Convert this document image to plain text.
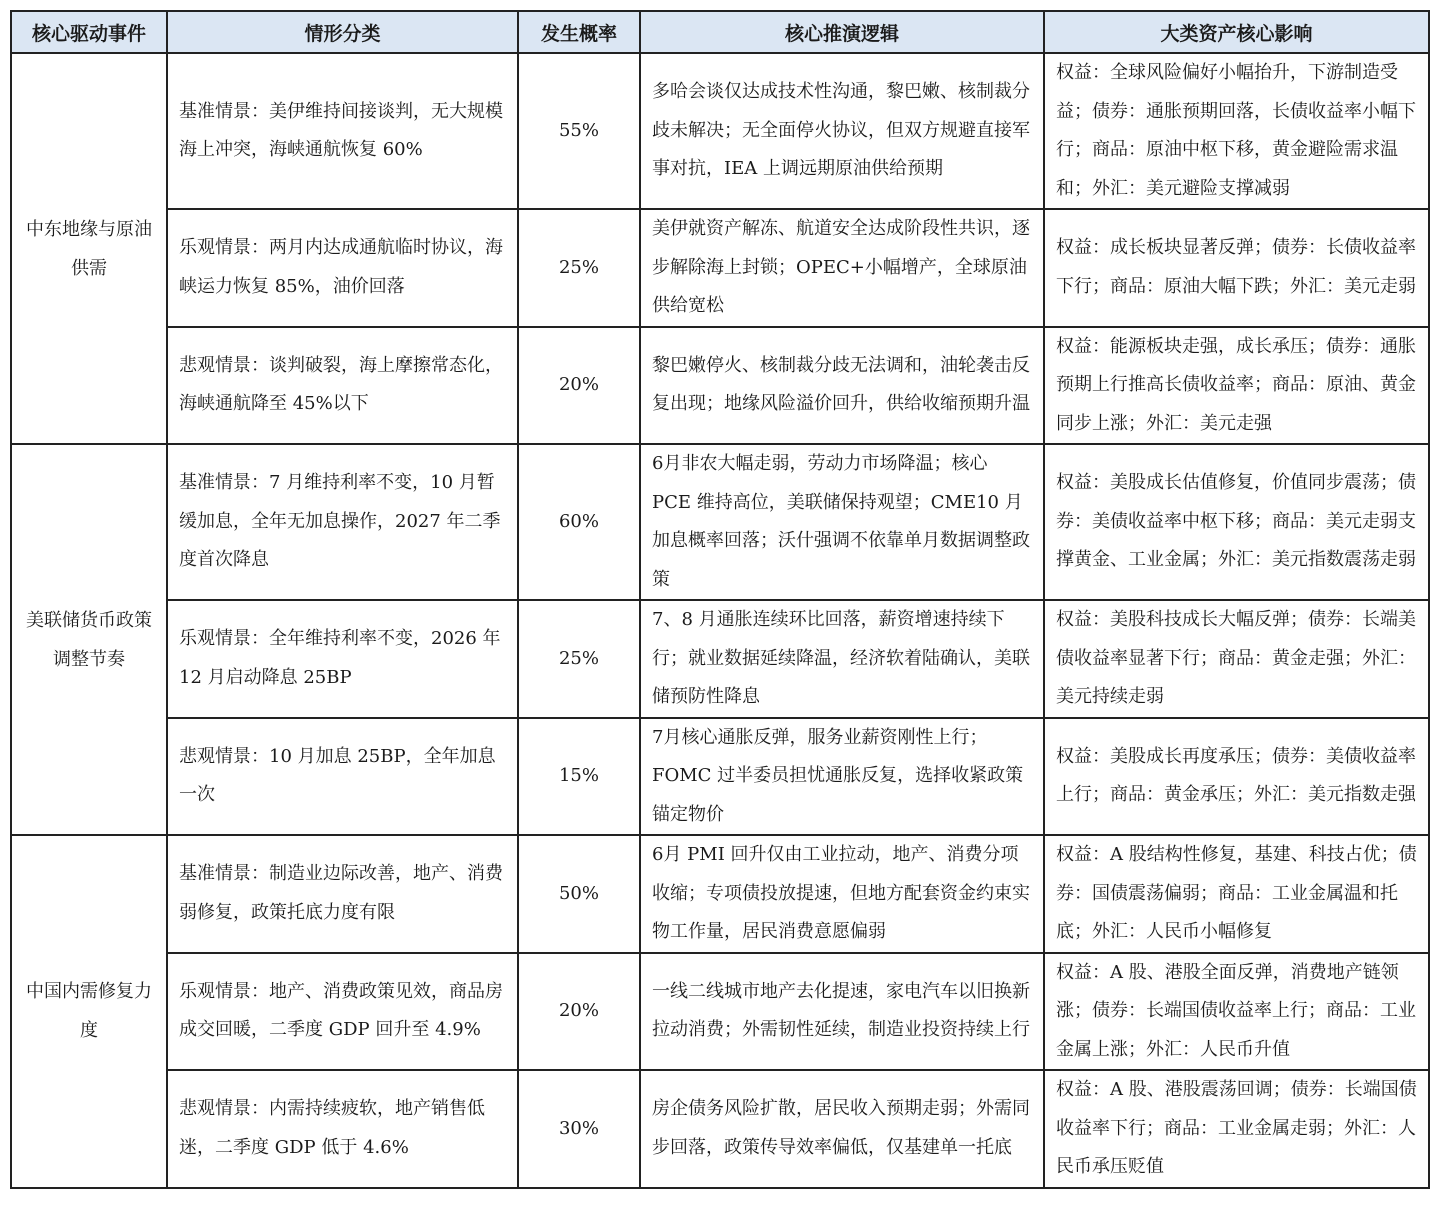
核心驱动事件	情形分类	发生概率	核心推演逻辑	大类资产核心影响
中东地缘与原油供需	基准情景：美伊维持间接谈判，无大规模海上冲突，海峡通航恢复 60%	55%	多哈会谈仅达成技术性沟通，黎巴嫩、核制裁分歧未解决；无全面停火协议，但双方规避直接军事对抗，IEA 上调远期原油供给预期	权益：全球风险偏好小幅抬升，下游制造受益；债券：通胀预期回落，长债收益率小幅下行；商品：原油中枢下移，黄金避险需求温和；外汇：美元避险支撑减弱
	乐观情景：两月内达成通航临时协议，海峡运力恢复 85%，油价回落	25%	美伊就资产解冻、航道安全达成阶段性共识，逐步解除海上封锁；OPEC+小幅增产，全球原油供给宽松	权益：成长板块显著反弹；债券：长债收益率下行；商品：原油大幅下跌；外汇：美元走弱
	悲观情景：谈判破裂，海上摩擦常态化，海峡通航降至 45%以下	20%	黎巴嫩停火、核制裁分歧无法调和，油轮袭击反复出现；地缘风险溢价回升，供给收缩预期升温	权益：能源板块走强，成长承压；债券：通胀预期上行推高长债收益率；商品：原油、黄金同步上涨；外汇：美元走强
美联储货币政策调整节奏	基准情景：7 月维持利率不变，10 月暂缓加息，全年无加息操作，2027 年二季度首次降息	60%	6月非农大幅走弱，劳动力市场降温；核心 PCE 维持高位，美联储保持观望；CME10 月加息概率回落；沃什强调不依靠单月数据调整政策	权益：美股成长估值修复，价值同步震荡；债券：美债收益率中枢下移；商品：美元走弱支撑黄金、工业金属；外汇：美元指数震荡走弱
	乐观情景：全年维持利率不变，2026 年 12 月启动降息 25BP	25%	7、8 月通胀连续环比回落，薪资增速持续下行；就业数据延续降温，经济软着陆确认，美联储预防性降息	权益：美股科技成长大幅反弹；债券：长端美债收益率显著下行；商品：黄金走强；外汇：美元持续走弱
	悲观情景：10 月加息 25BP，全年加息一次	15%	7月核心通胀反弹，服务业薪资刚性上行；FOMC 过半委员担忧通胀反复，选择收紧政策锚定物价	权益：美股成长再度承压；债券：美债收益率上行；商品：黄金承压；外汇：美元指数走强
中国内需修复力度	基准情景：制造业边际改善，地产、消费弱修复，政策托底力度有限	50%	6月 PMI 回升仅由工业拉动，地产、消费分项收缩；专项债投放提速，但地方配套资金约束实物工作量，居民消费意愿偏弱	权益：A 股结构性修复，基建、科技占优；债券：国债震荡偏弱；商品：工业金属温和托底；外汇：人民币小幅修复
	乐观情景：地产、消费政策见效，商品房成交回暖，二季度 GDP 回升至 4.9%	20%	一线二线城市地产去化提速，家电汽车以旧换新拉动消费；外需韧性延续，制造业投资持续上行	权益：A 股、港股全面反弹，消费地产链领涨；债券：长端国债收益率上行；商品：工业金属上涨；外汇：人民币升值
	悲观情景：内需持续疲软，地产销售低迷，二季度 GDP 低于 4.6%	30%	房企债务风险扩散，居民收入预期走弱；外需同步回落，政策传导效率偏低，仅基建单一托底	权益：A 股、港股震荡回调；债券：长端国债收益率下行；商品：工业金属走弱；外汇：人民币承压贬值
